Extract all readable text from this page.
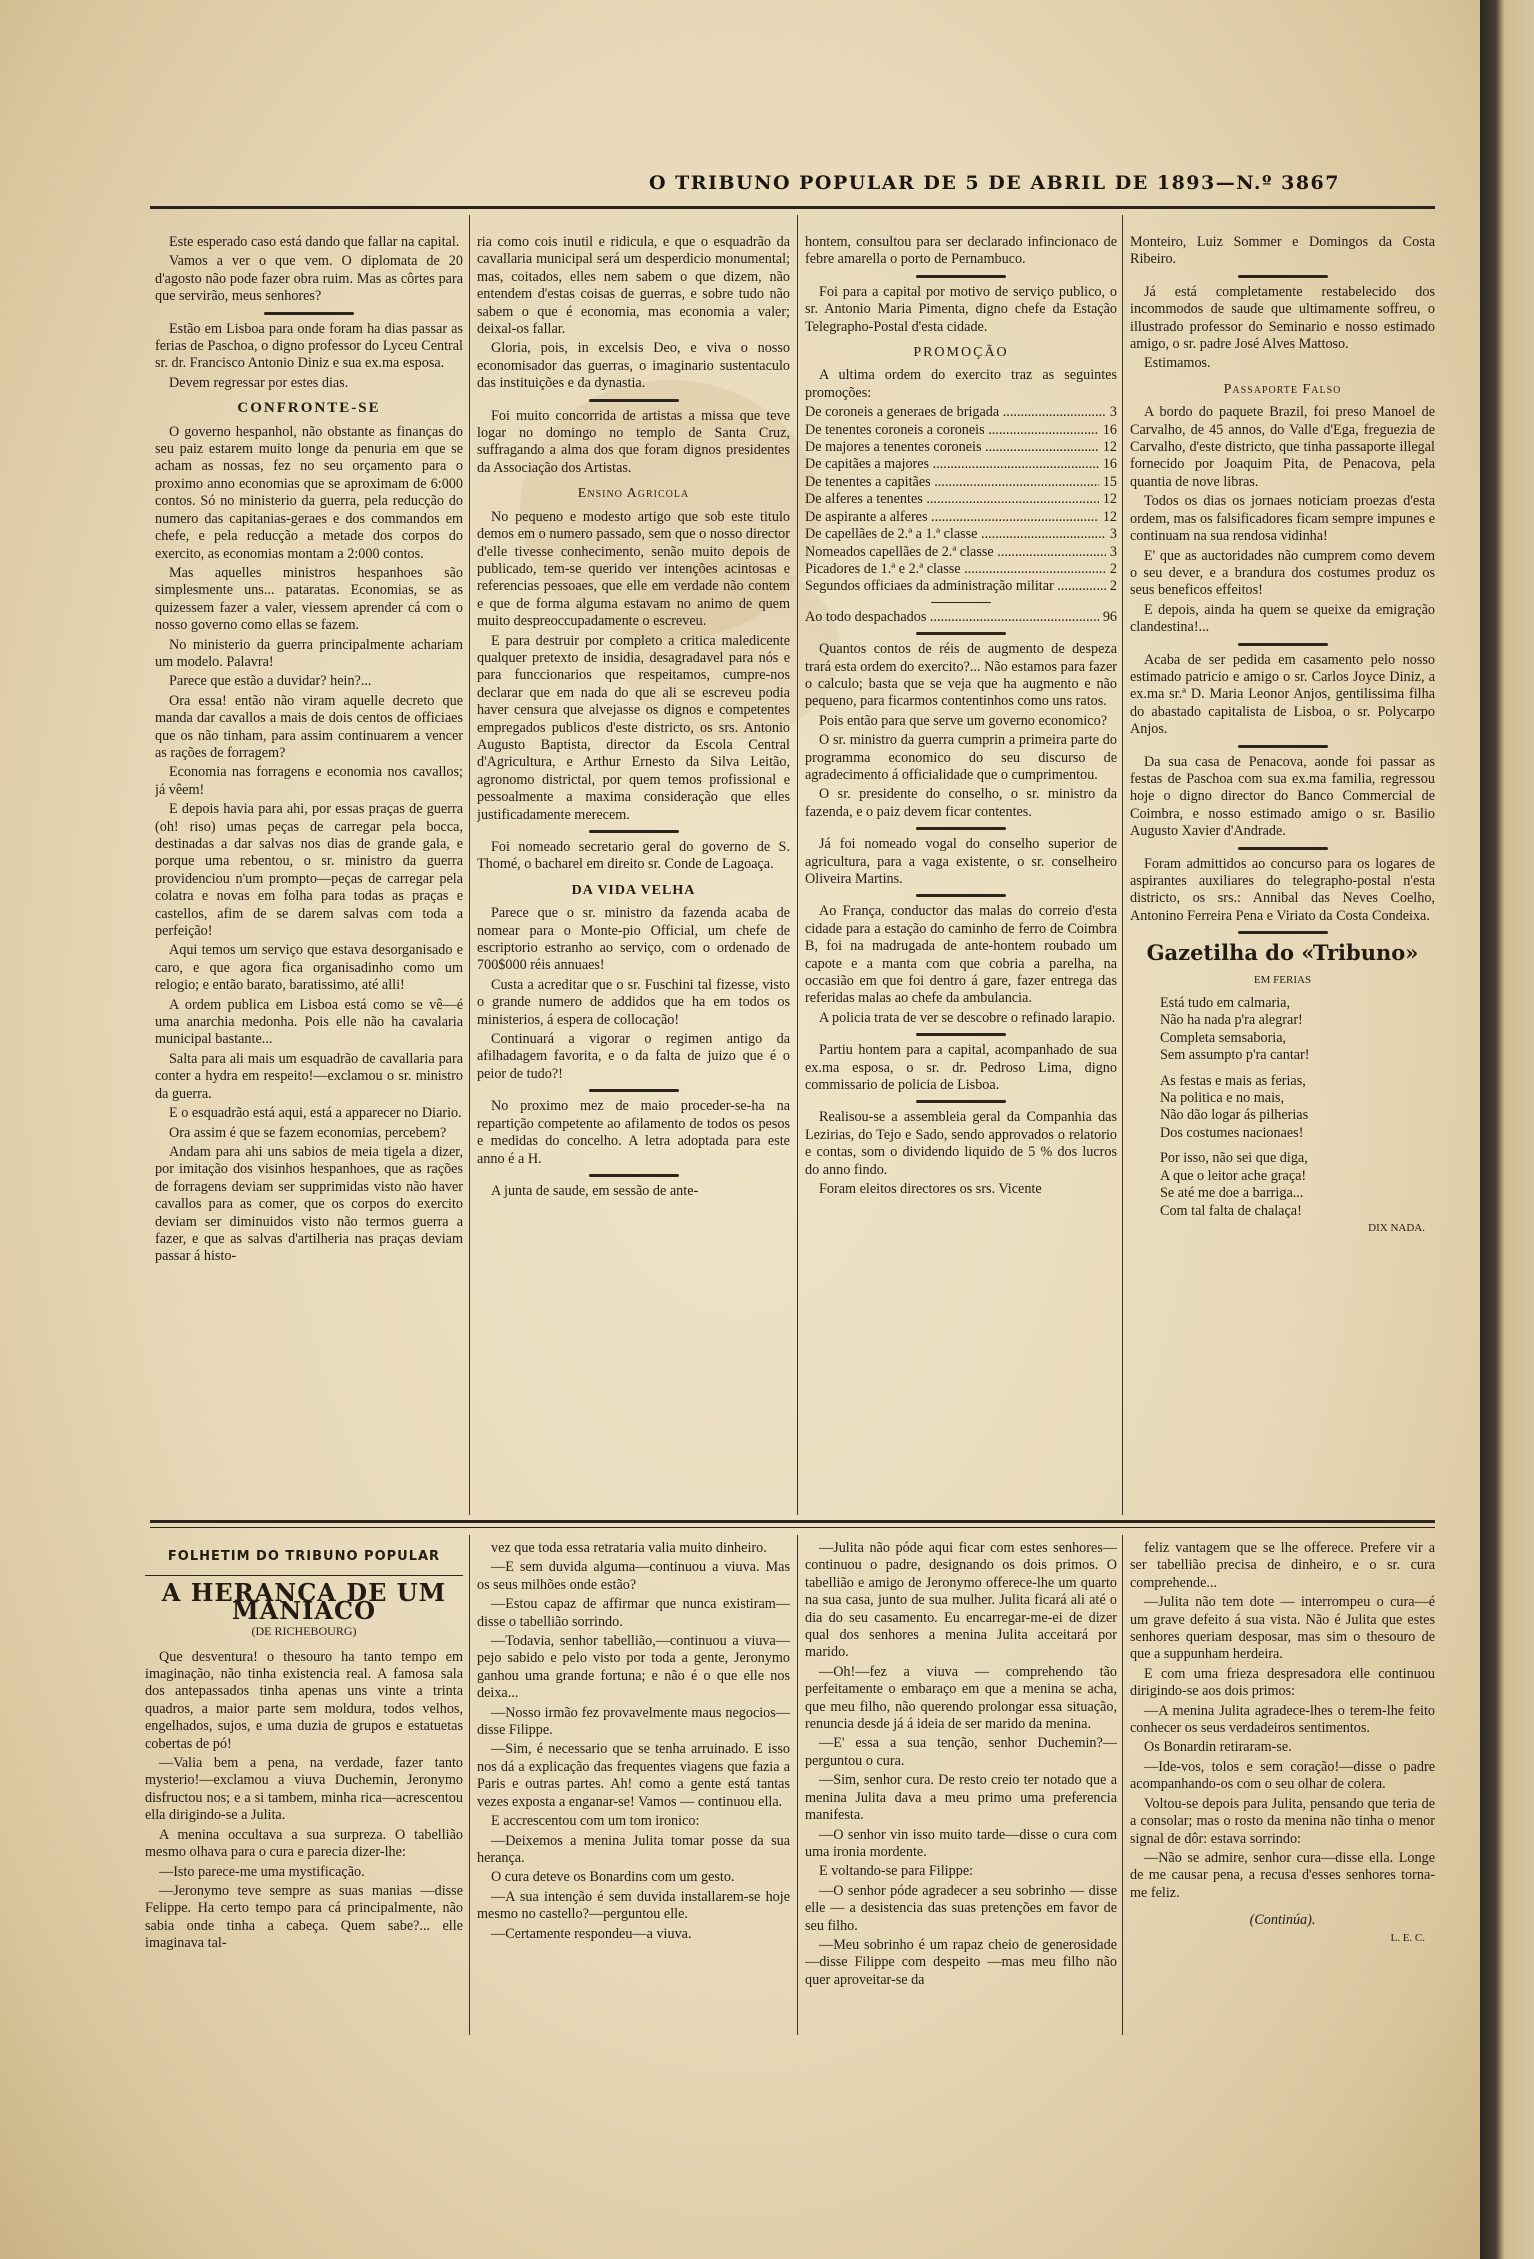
O TRIBUNO POPULAR DE 5 DE ABRIL DE 1893—N.º 3867

Este esperado caso está dando que fallar na capital.

Vamos a ver o que vem. O diplomata de 20 d'agosto não pode fazer obra ruim. Mas as côrtes para que servirão, meus senhores?

Estão em Lisboa para onde foram ha dias passar as ferias de Paschoa, o digno professor do Lyceu Central sr. dr. Francisco Antonio Diniz e sua ex.ma esposa.

Devem regressar por estes dias.

CONFRONTE-SE

O governo hespanhol, não obstante as finanças do seu paiz estarem muito longe da penuria em que se acham as nossas, fez no seu orçamento para o proximo anno economias que se aproximam de 6:000 contos. Só no ministerio da guerra, pela reducção do numero das capitanias-geraes e dos commandos em chefe, e pela reducção a metade dos corpos do exercito, as economias montam a 2:000 contos.

Mas aquelles ministros hespanhoes são simplesmente uns... pataratas. Economias, se as quizessem fazer a valer, viessem aprender cá com o nosso governo como ellas se fazem.

No ministerio da guerra principalmente achariam um modelo. Palavra!

Parece que estão a duvidar? hein?...

Ora essa! então não viram aquelle decreto que manda dar cavallos a mais de dois centos de officiaes que os não tinham, para assim continuarem a vencer as rações de forragem?

Economia nas forragens e economia nos cavallos; já vêem!

E depois havia para ahi, por essas praças de guerra (oh! riso) umas peças de carregar pela bocca, destinadas a dar salvas nos dias de grande gala, e porque uma rebentou, o sr. ministro da guerra providenciou n'um prompto—peças de carregar pela colatra e novas em folha para todas as praças e castellos, afim de se darem salvas com toda a perfeição!

Aqui temos um serviço que estava desorganisado e caro, e que agora fica organisadinho como um relogio; e então barato, baratissimo, até alli!

A ordem publica em Lisboa está como se vê—é uma anarchia medonha. Pois elle não ha cavalaria municipal bastante...

Salta para ali mais um esquadrão de cavallaria para conter a hydra em respeito!—exclamou o sr. ministro da guerra.

E o esquadrão está aqui, está a apparecer no Diario.

Ora assim é que se fazem economias, percebem?

Andam para ahi uns sabios de meia tigela a dizer, por imitação dos visinhos hespanhoes, que as rações de forragens deviam ser supprimidas visto não haver cavallos para as comer, que os corpos do exercito deviam ser diminuidos visto não termos guerra a fazer, e que as salvas d'artilheria nas praças deviam passar á histo-

ria como cois inutil e ridicula, e que o esquadrão da cavallaria municipal será um desperdicio monumental; mas, coitados, elles nem sabem o que dizem, não entendem d'estas coisas de guerras, e sobre tudo não sabem o que é economia, mas economia a valer; deixal-os fallar.

Gloria, pois, in excelsis Deo, e viva o nosso economisador das guerras, o imaginario sustentaculo das instituições e da dynastia.

Foi muito concorrida de artistas a missa que teve logar no domingo no templo de Santa Cruz, suffragando a alma dos que foram dignos presidentes da Associação dos Artistas.

Ensino Agricola

No pequeno e modesto artigo que sob este titulo demos em o numero passado, sem que o nosso director d'elle tivesse conhecimento, senão muito depois de publicado, tem-se querido ver intenções acintosas e referencias pessoaes, que elle em verdade não contem e que de forma alguma estavam no animo de quem muito despreoccupadamente o escreveu.

E para destruir por completo a critica maledicente qualquer pretexto de insidia, desagradavel para nós e para funccionarios que respeitamos, cumpre-nos declarar que em nada do que ali se escreveu podia haver censura que alvejasse os dignos e competentes empregados publicos d'este districto, os srs. Antonio Augusto Baptista, director da Escola Central d'Agricultura, e Arthur Ernesto da Silva Leitão, agronomo districtal, por quem temos profissional e pessoalmente a maxima consideração que elles justificadamente merecem.

Foi nomeado secretario geral do governo de S. Thomé, o bacharel em direito sr. Conde de Lagoaça.

DA VIDA VELHA

Parece que o sr. ministro da fazenda acaba de nomear para o Monte-pio Official, um chefe de escriptorio estranho ao serviço, com o ordenado de 700$000 réis annuaes!

Custa a acreditar que o sr. Fuschini tal fizesse, visto o grande numero de addidos que ha em todos os ministerios, á espera de collocação!

Continuará a vigorar o regimen antigo da afilhadagem favorita, e o da falta de juizo que é o peior de tudo?!

No proximo mez de maio proceder-se-ha na repartição competente ao afilamento de todos os pesos e medidas do concelho. A letra adoptada para este anno é a H.

A junta de saude, em sessão de ante-

hontem, consultou para ser declarado infincionaco de febre amarella o porto de Pernambuco.

Foi para a capital por motivo de serviço publico, o sr. Antonio Maria Pimenta, digno chefe da Estação Telegrapho-Postal d'esta cidade.

PROMOÇÃO

A ultima ordem do exercito traz as seguintes promoções:

De coroneis a generaes de brigada .....	3
De tenentes coroneis a coroneis .....	16
De majores a tenentes coroneis .....	12
De capitães a majores .....	16
De tenentes a capitães .....	15
De alferes a tenentes .....	12
De aspirante a alferes .....	12
De capellães de 2.ª a 1.ª classe .....	3
Nomeados capellães de 2.ª classe .....	3
Picadores de 1.ª e 2.ª classe .....	2
Segundos officiaes da administração militar .....	2
Ao todo despachados .....	96

Quantos contos de réis de augmento de despeza trará esta ordem do exercito?... Não estamos para fazer o calculo; basta que se veja que ha augmento e não pequeno, para ficarmos contentinhos como uns ratos.

Pois então para que serve um governo economico?

O sr. ministro da guerra cumprin a primeira parte do programma economico do seu discurso de agradecimento á officialidade que o cumprimentou.

O sr. presidente do conselho, o sr. ministro da fazenda, e o paiz devem ficar contentes.

Já foi nomeado vogal do conselho superior de agricultura, para a vaga existente, o sr. conselheiro Oliveira Martins.

Ao França, conductor das malas do correio d'esta cidade para a estação do caminho de ferro de Coimbra B, foi na madrugada de ante-hontem roubado um capote e a manta com que cobria a parelha, na occasião em que foi dentro á gare, fazer entrega das referidas malas ao chefe da ambulancia.

A policia trata de ver se descobre o refinado larapio.

Partiu hontem para a capital, acompanhado de sua ex.ma esposa, o sr. dr. Pedroso Lima, digno commissario de policia de Lisboa.

Realisou-se a assembleia geral da Companhia das Lezirias, do Tejo e Sado, sendo approvados o relatorio e contas, som o dividendo liquido de 5 % dos lucros do anno findo.

Foram eleitos directores os srs. Vicente

Monteiro, Luiz Sommer e Domingos da Costa Ribeiro.

Já está completamente restabelecido dos incommodos de saude que ultimamente soffreu, o illustrado professor do Seminario e nosso estimado amigo, o sr. padre José Alves Mattoso.

Estimamos.

Passaporte Falso

A bordo do paquete Brazil, foi preso Manoel de Carvalho, de 45 annos, do Valle d'Ega, freguezia de Carvalho, d'este districto, que tinha passaporte illegal fornecido por Joaquim Pita, de Penacova, pela quantia de nove libras.

Todos os dias os jornaes noticiam proezas d'esta ordem, mas os falsificadores ficam sempre impunes e continuam na sua rendosa vidinha!

E' que as auctoridades não cumprem como devem o seu dever, e a brandura dos costumes produz os seus beneficos effeitos!

E depois, ainda ha quem se queixe da emigração clandestina!...

Acaba de ser pedida em casamento pelo nosso estimado patricio e amigo o sr. Carlos Joyce Diniz, a ex.ma sr.ª D. Maria Leonor Anjos, gentilissima filha do abastado capitalista de Lisboa, o sr. Polycarpo Anjos.

Da sua casa de Penacova, aonde foi passar as festas de Paschoa com sua ex.ma familia, regressou hoje o digno director do Banco Commercial de Coimbra, e nosso estimado amigo o sr. Basilio Augusto Xavier d'Andrade.

Foram admittidos ao concurso para os logares de aspirantes auxiliares do telegrapho-postal n'esta districto, os srs.: Annibal das Neves Coelho, Antonino Ferreira Pena e Viriato da Costa Condeixa.

Gazetilha do «Tribuno»
EM FERIAS
Está tudo em calmaria,
Não ha nada p'ra alegrar!
Completa semsaboria,
Sem assumpto p'ra cantar!
As festas e mais as ferias,
Na politica e no mais,
Não dão logar ás pilherias
Dos costumes nacionaes!
Por isso, não sei que diga,
A que o leitor ache graça!
Se até me doe a barriga...
Com tal falta de chalaça!
DIX NADA.
FOLHETIM DO TRIBUNO POPULAR
A HERANÇA DE UM MANIACO
(DE RICHEBOURG)

Que desventura! o thesouro ha tanto tempo em imaginação, não tinha existencia real. A famosa sala dos antepassados tinha apenas uns vinte a trinta quadros, a maior parte sem moldura, todos velhos, engelhados, sujos, e uma duzia de grupos e estatuetas cobertas de pó!

—Valia bem a pena, na verdade, fazer tanto mysterio!—exclamou a viuva Duchemin, Jeronymo disfructou nos; e a si tambem, minha rica—acrescentou ella dirigindo-se a Julita.

A menina occultava a sua surpreza. O tabellião mesmo olhava para o cura e parecia dizer-lhe:

—Isto parece-me uma mystificação.

—Jeronymo teve sempre as suas manias —disse Felippe. Ha certo tempo para cá principalmente, não sabia onde tinha a cabeça. Quem sabe?... elle imaginava tal-

vez que toda essa retrataria valia muito dinheiro.

—E sem duvida alguma—continuou a viuva. Mas os seus milhões onde estão?

—Estou capaz de affirmar que nunca existiram—disse o tabellião sorrindo.

—Todavia, senhor tabellião,—continuou a viuva—pejo sabido e pelo visto por toda a gente, Jeronymo ganhou uma grande fortuna; e não é o que elle nos deixa...

—Nosso irmão fez provavelmente maus negocios—disse Filippe.

—Sim, é necessario que se tenha arruinado. E isso nos dá a explicação das frequentes viagens que fazia a Paris e outras partes. Ah! como a gente está tantas vezes exposta a enganar-se! Vamos — continuou ella.

E accrescentou com um tom ironico:

—Deixemos a menina Julita tomar posse da sua herança.

O cura deteve os Bonardins com um gesto.

—A sua intenção é sem duvida installarem-se hoje mesmo no castello?—perguntou elle.

—Certamente respondeu—a viuva.

—Julita não póde aqui ficar com estes senhores—continuou o padre, designando os dois primos. O tabellião e amigo de Jeronymo offerece-lhe um quarto na sua casa, junto de sua mulher. Julita ficará ali até o dia do seu casamento. Eu encarregar-me-ei de dizer qual dos senhores a menina Julita acceitará por marido.

—Oh!—fez a viuva — comprehendo tão perfeitamente o embaraço em que a menina se acha, que meu filho, não querendo prolongar essa situação, renuncia desde já á ideia de ser marido da menina.

—E' essa a sua tenção, senhor Duchemin?—perguntou o cura.

—Sim, senhor cura. De resto creio ter notado que a menina Julita dava a meu primo uma preferencia manifesta.

—O senhor vin isso muito tarde—disse o cura com uma ironia mordente.

E voltando-se para Filippe:

—O senhor póde agradecer a seu sobrinho — disse elle — a desistencia das suas pretenções em favor de seu filho.

—Meu sobrinho é um rapaz cheio de generosidade—disse Filippe com despeito —mas meu filho não quer aproveitar-se da

feliz vantagem que se lhe offerece. Prefere vir a ser tabellião precisa de dinheiro, e o sr. cura comprehende...

—Julita não tem dote — interrompeu o cura—é um grave defeito á sua vista. Não é Julita que estes senhores queriam desposar, mas sim o thesouro de que a suppunham herdeira.

E com uma frieza despresadora elle continuou dirigindo-se aos dois primos:

—A menina Julita agradece-lhes o terem-lhe feito conhecer os seus verdadeiros sentimentos.

Os Bonardin retiraram-se.

—Ide-vos, tolos e sem coração!—disse o padre acompanhando-os com o seu olhar de colera.

Voltou-se depois para Julita, pensando que teria de a consolar; mas o rosto da menina não tinha o menor signal de dôr: estava sorrindo:

—Não se admire, senhor cura—disse ella. Longe de me causar pena, a recusa d'esses senhores torna-me feliz.

(Continúa).
L. E. C.
